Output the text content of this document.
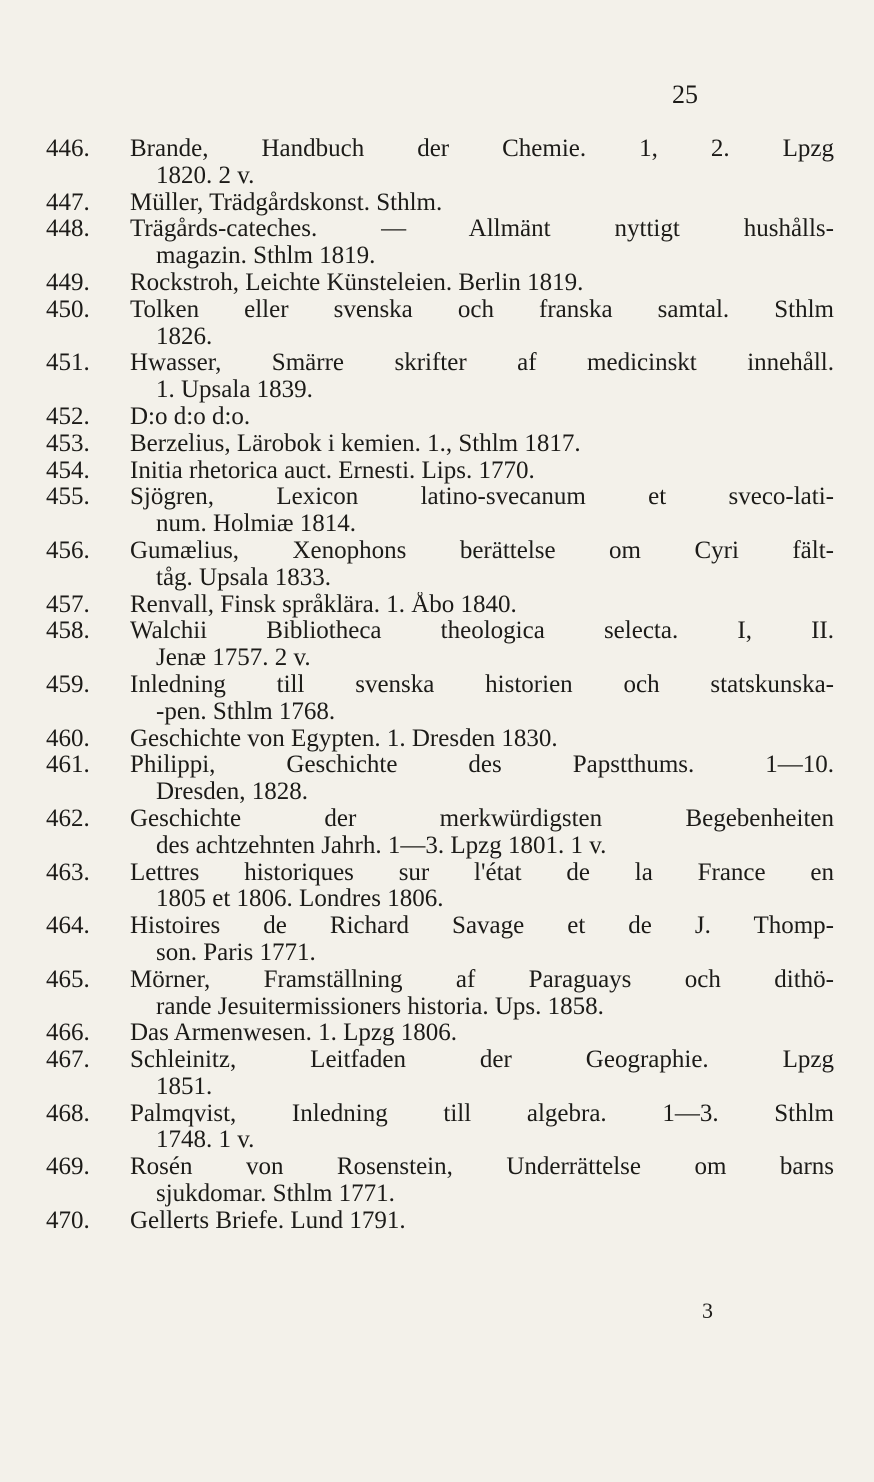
25
446.	Brande, Handbuch der Chemie. 1, 2. Lpzg
1820. 2 v.
447.	Müller, Trädgårdskonst. Sthlm.
448.	Trägårds-cateches. — Allmänt nyttigt hushålls-
magazin. Sthlm 1819.
449.	Rockstroh, Leichte Künsteleien. Berlin 1819.
450.	Tolken eller svenska och franska samtal. Sthlm
1826.
451.	Hwasser, Smärre skrifter af medicinskt innehåll.
1. Upsala 1839.
452.	D:o d:o d:o.
453.	Berzelius, Lärobok i kemien. 1., Sthlm 1817.
454.	Initia rhetorica auct. Ernesti. Lips. 1770.
455.	Sjögren, Lexicon latino-svecanum et sveco-lati-
num. Holmiæ 1814.
456.	Gumælius, Xenophons berättelse om Cyri fält-
tåg. Upsala 1833.
457.	Renvall, Finsk språklära. 1. Åbo 1840.
458.	Walchii Bibliotheca theologica selecta. I, II.
Jenæ 1757. 2 v.
459.	Inledning till svenska historien och statskunska-
-pen. Sthlm 1768.
460.	Geschichte von Egypten. 1. Dresden 1830.
461.	Philippi, Geschichte des Papstthums. 1—10.
Dresden, 1828.
462.	Geschichte der merkwürdigsten Begebenheiten
des achtzehnten Jahrh. 1—3. Lpzg 1801. 1 v.
463.	Lettres historiques sur l'état de la France en
1805 et 1806. Londres 1806.
464.	Histoires de Richard Savage et de J. Thomp-
son. Paris 1771.
465.	Mörner, Framställning af Paraguays och dithö-
rande Jesuitermissioners historia. Ups. 1858.
466.	Das Armenwesen. 1. Lpzg 1806.
467.	Schleinitz, Leitfaden der Geographie. Lpzg
1851.
468.	Palmqvist, Inledning till algebra. 1—3. Sthlm
1748. 1 v.
469.	Rosén von Rosenstein, Underrättelse om barns
sjukdomar. Sthlm 1771.
470.	Gellerts Briefe. Lund 1791.
3
